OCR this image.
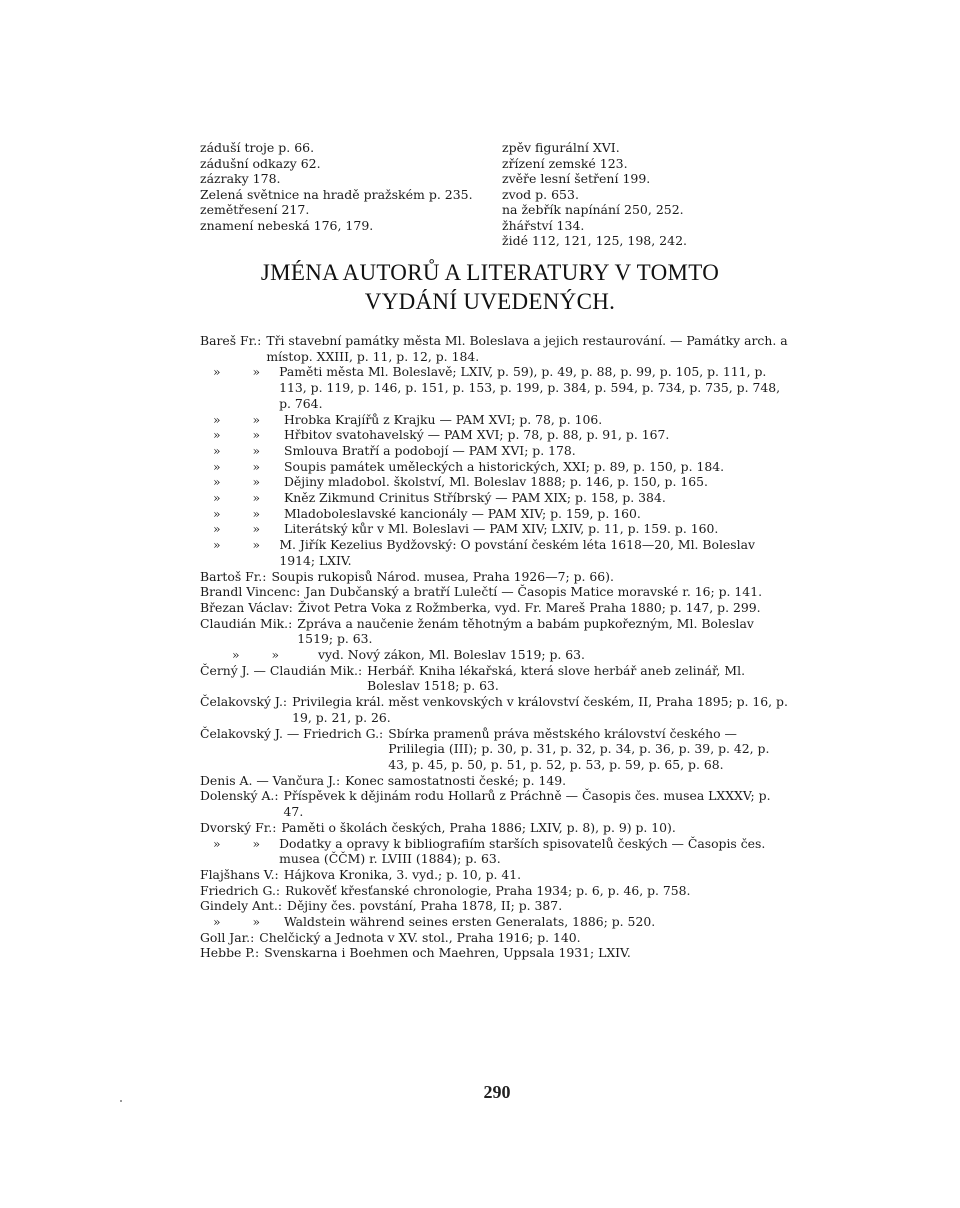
záduší troje p. 66.
zádušní odkazy 62.
zázraky 178.
Zelená světnice na hradě pražském p. 235.
zemětřesení 217.
znamení nebeská 176, 179.
zpěv figurální XVI.
zřízení zemské 123.
zvěře lesní šetření 199.
zvod p. 653.
na žebřík napínání 250, 252.
žhářství 134.
židé 112, 121, 125, 198, 242.
JMÉNA AUTORŮ A LITERATURY V TOMTO
VYDÁNÍ UVEDENÝCH.
Bareš Fr.: Tři stavební památky města Ml. Boleslava a jejich restaurování. — Památky arch. a místop. XXIII, p. 11, p. 12, p. 184.
» » Paměti města Ml. Boleslavě; LXIV, p. 59), p. 49, p. 88, p. 99, p. 105, p. 111, p. 113, p. 119, p. 146, p. 151, p. 153, p. 199, p. 384, p. 594, p. 734, p. 735, p. 748, p. 764.
» » Hrobka Krajířů z Krajku — PAM XVI; p. 78, p. 106.
» » Hřbitov svatohavelský — PAM XVI; p. 78, p. 88, p. 91, p. 167.
» » Smlouva Bratří a podobojí — PAM XVI; p. 178.
» » Soupis památek uměleckých a historických, XXI; p. 89, p. 150, p. 184.
» » Dějiny mladobol. školství, Ml. Boleslav 1888; p. 146, p. 150, p. 165.
» » Kněz Zikmund Crinitus Stříbrský — PAM XIX; p. 158, p. 384.
» » Mladoboleslavské kancionály — PAM XIV; p. 159, p. 160.
» » Literátský kůr v Ml. Boleslavi — PAM XIV; LXIV, p. 11, p. 159. p. 160.
» » M. Jiřík Kezelius Bydžovský: O povstání českém léta 1618—20, Ml. Boleslav 1914; LXIV.
Bartoš Fr.: Soupis rukopisů Národ. musea, Praha 1926—7; p. 66).
Brandl Vincenc: Jan Dubčanský a bratří Lulečtí — Časopis Matice moravské r. 16; p. 141.
Březan Václav: Život Petra Voka z Rožmberka, vyd. Fr. Mareš Praha 1880; p. 147, p. 299.
Claudián Mik.: Zpráva a naučenie ženám těhotným a babám pupkořezným, Ml. Boleslav 1519; p. 63.
» »	vyd. Nový zákon, Ml. Boleslav 1519; p. 63.
Černý J. — Claudián Mik.: Herbář. Kniha lékařská, která slove herbář aneb zelinář, Ml. Boleslav 1518; p. 63.
Čelakovský J.: Privilegia král. měst venkovských v království českém, II, Praha 1895; p. 16, p. 19, p. 21, p. 26.
Čelakovský J. — Friedrich G.: Sbírka pramenů práva městského království českého — Prililegia (III); p. 30, p. 31, p. 32, p. 34, p. 36, p. 39, p. 42, p. 43, p. 45, p. 50, p. 51, p. 52, p. 53, p. 59, p. 65, p. 68.
Denis A. — Vančura J.: Konec samostatnosti české; p. 149.
Dolenský A.: Příspěvek k dějinám rodu Hollarů z Práchně — Časopis čes. musea LXXXV; p. 47.
Dvorský Fr.: Paměti o školách českých, Praha 1886; LXIV, p. 8), p. 9) p. 10).
» » Dodatky a opravy k bibliografiím starších spisovatelů českých — Časopis čes. musea (ČČM) r. LVIII (1884); p. 63.
Flajšhans V.: Hájkova Kronika, 3. vyd.; p. 10, p. 41.
Friedrich G.: Rukověť křesťanské chronologie, Praha 1934; p. 6, p. 46, p. 758.
Gindely Ant.: Dějiny čes. povstání, Praha 1878, II; p. 387.
» » Waldstein während seines ersten Generalats, 1886; p. 520.
Goll Jar.: Chelčický a Jednota v XV. stol., Praha 1916; p. 140.
Hebbe P.: Svenskarna i Boehmen och Maehren, Uppsala 1931; LXIV.
290
